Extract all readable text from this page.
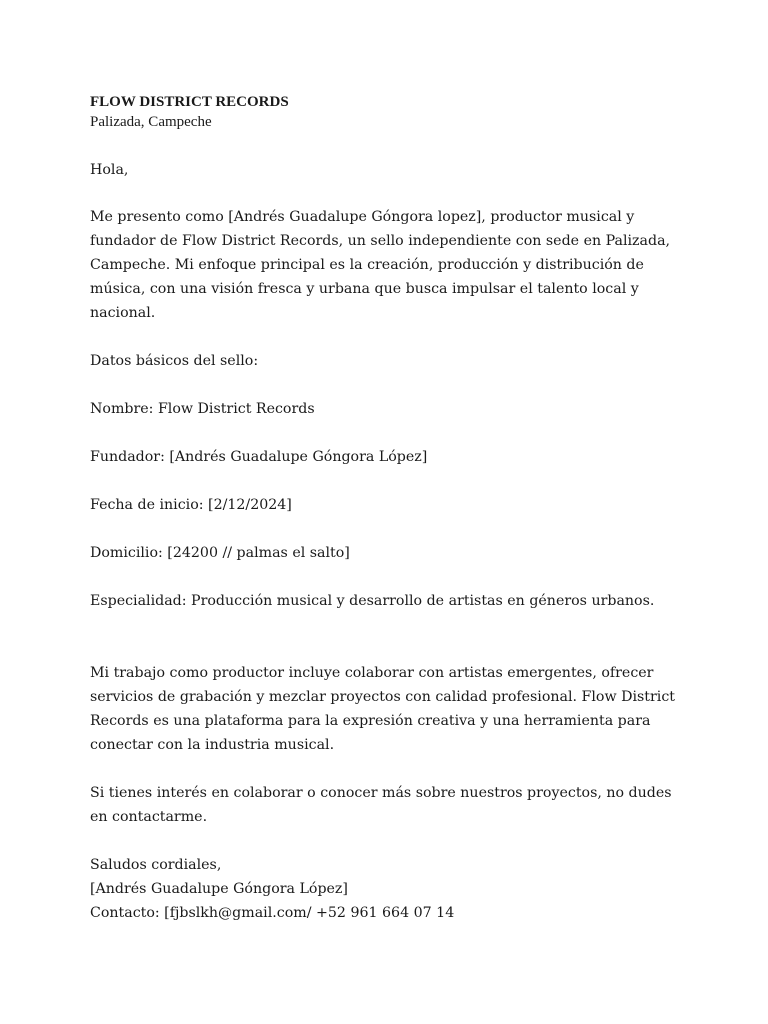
FLOW DISTRICT RECORDS

Palizada, Campeche

Hola,

Me presento como [Andrés Guadalupe Góngora lopez], productor musical y fundador de Flow District Records, un sello independiente con sede en Palizada, Campeche. Mi enfoque principal es la creación, producción y distribución de música, con una visión fresca y urbana que busca impulsar el talento local y nacional.

Datos básicos del sello:

Nombre: Flow District Records

Fundador: [Andrés Guadalupe Góngora López]

Fecha de inicio: [2/12/2024]

Domicilio: [24200 // palmas el salto]

Especialidad: Producción musical y desarrollo de artistas en géneros urbanos.

Mi trabajo como productor incluye colaborar con artistas emergentes, ofrecer servicios de grabación y mezclar proyectos con calidad profesional. Flow District Records es una plataforma para la expresión creativa y una herramienta para conectar con la industria musical.

Si tienes interés en colaborar o conocer más sobre nuestros proyectos, no dudes en contactarme.

Saludos cordiales,

[Andrés Guadalupe Góngora López]

Contacto: [fjbslkh@gmail.com/ +52 961 664 07 14
